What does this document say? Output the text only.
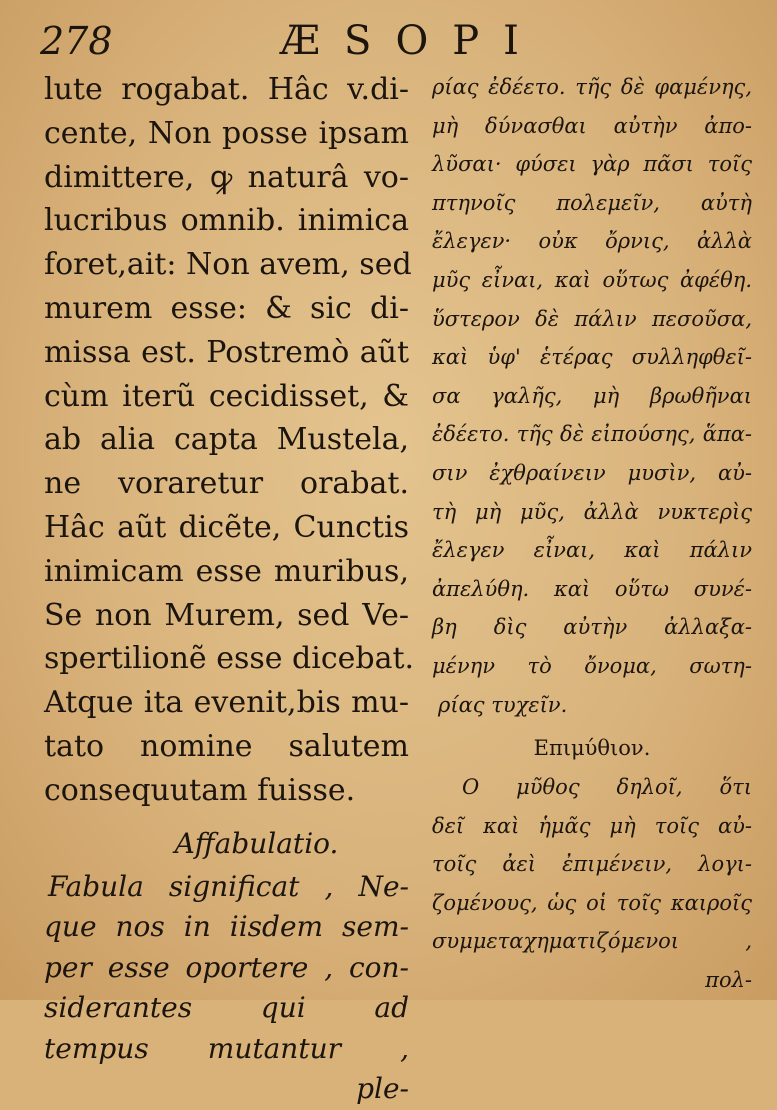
278	ÆSOPI
lute rogabat. Hâc v.di-
cente, Non posse ipsam
dimittere, ꝙ naturâ vo-
lucribus omnib. inimica
foret,ait: Non avem, sed
murem esse: & sic di-
missa est. Postremò aũt
cùm iterũ cecidisset, &
ab alia capta Mustela,
ne voraretur orabat.
Hâc aũt dicẽte, Cunctis
inimicam esse muribus,
Se non Murem, sed Ve-
spertilionẽ esse dicebat.
Atque ita evenit,bis mu-
tato nomine salutem
consequutam fuisse.
Affabulatio.
Fabula significat , Ne-
que nos in iisdem sem-
per esse oportere , con-
siderantes qui ad
tempus mutantur ,
ple-
ρίας ἐδέετο. τῆς δὲ φαμένης,
μὴ δύνασθαι αὐτὴν ἀπο-
λῦσαι· φύσει γὰρ πᾶσι τοῖς
πτηνοῖς πολεμεῖν, αὐτὴ
ἔλεγεν· οὐκ ὄρνις, ἀλλὰ
μῦς εἶναι, καὶ οὕτως ἀφέθη.
ὕστερον δὲ πάλιν πεσοῦσα,
καὶ ὑφ' ἑτέρας συλληφθεῖ-
σα γαλῆς, μὴ βρωθῆναι
ἐδέετο. τῆς δὲ εἰπούσης, ἅπα-
σιν ἐχθραίνειν μυσὶν, αὐ-
τὴ μὴ μῦς, ἀλλὰ νυκτερὶς
ἔλεγεν εἶναι, καὶ πάλιν
ἀπελύθη. καὶ οὕτω συνέ-
βη δὶς αὐτὴν ἀλλαξα-
μένην τὸ ὄνομα, σωτη-
ρίας τυχεῖν.
Επιμύθιον.
Ο μῦθος δηλοῖ, ὅτι
δεῖ καὶ ἡμᾶς μὴ τοῖς αὐ-
τοῖς ἀεὶ ἐπιμένειν, λογι-
ζομένους, ὡς οἱ τοῖς καιροῖς
συμμεταχηματιζόμενοι ,
πολ-
